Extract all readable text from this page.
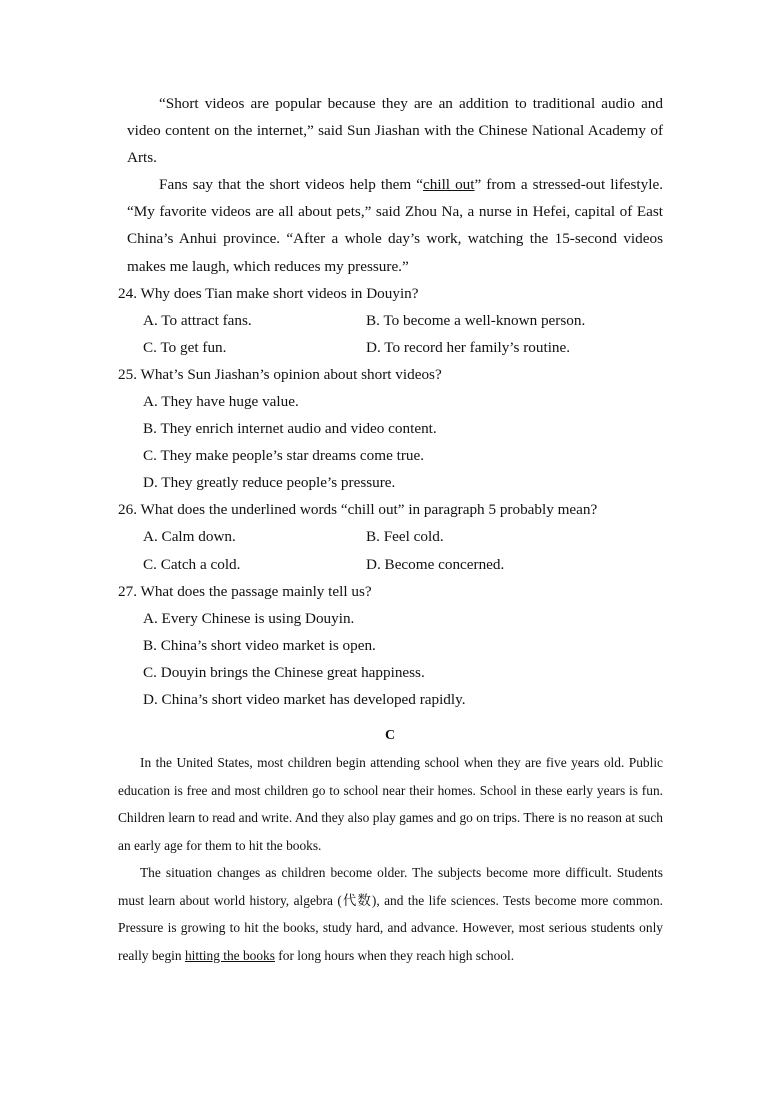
“Short videos are popular because they are an addition to traditional audio and video content on the internet,” said Sun Jiashan with the Chinese National Academy of Arts.

Fans say that the short videos help them “chill out” from a stressed-out lifestyle. “My favorite videos are all about pets,” said Zhou Na, a nurse in Hefei, capital of East China’s Anhui province. “After a whole day’s work, watching the 15-second videos makes me laugh, which reduces my pressure.”

24. Why does Tian make short videos in Douyin?

A. To attract fans.	B. To become a well-known person.

C. To get fun.	D. To record her family’s routine.

25. What’s Sun Jiashan’s opinion about short videos?

A. They have huge value.

B. They enrich internet audio and video content.

C. They make people’s star dreams come true.

D. They greatly reduce people’s pressure.

26. What does the underlined words “chill out” in paragraph 5 probably mean?

A. Calm down.	B. Feel cold.

C. Catch a cold.	D. Become concerned.

27. What does the passage mainly tell us?

A. Every Chinese is using Douyin.

B. China’s short video market is open.

C. Douyin brings the Chinese great happiness.

D. China’s short video market has developed rapidly.

C

In the United States, most children begin attending school when they are five years old. Public education is free and most children go to school near their homes. School in these early years is fun. Children learn to read and write. And they also play games and go on trips. There is no reason at such an early age for them to hit the books.

The situation changes as children become older. The subjects become more difficult. Students must learn about world history, algebra (代数), and the life sciences. Tests become more common. Pressure is growing to hit the books, study hard, and advance. However, most serious students only really begin hitting the books for long hours when they reach high school.
